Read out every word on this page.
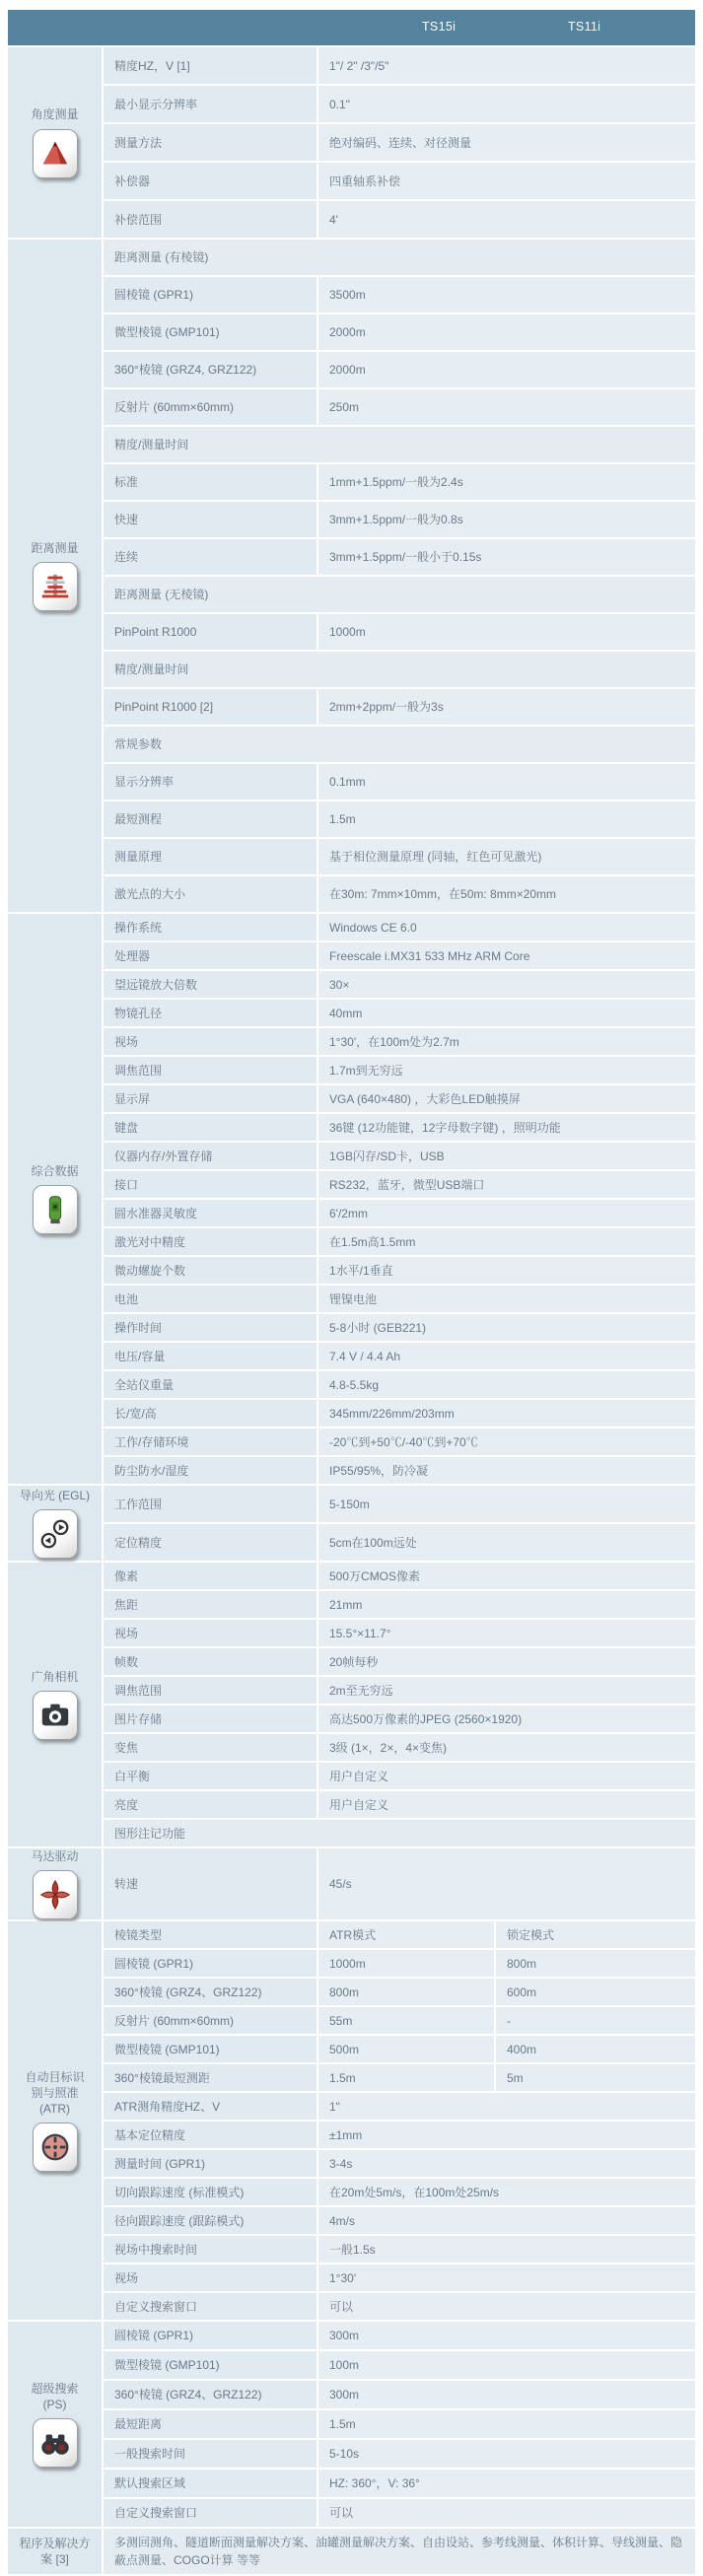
TS15i	TS11i
角度测量
精度HZ，V [1]	1"/ 2" /3"/5"
最小显示分辨率	0.1"
测量方法	绝对编码、连续、对径测量
补偿器	四重轴系补偿
补偿范围	4'
距离测量
距离测量 (有棱镜)
圆棱镜 (GPR1)	3500m
微型棱镜 (GMP101)	2000m
360°棱镜 (GRZ4, GRZ122)	2000m
反射片 (60mm×60mm)	250m
精度/测量时间
标准	1mm+1.5ppm/一般为2.4s
快速	3mm+1.5ppm/一般为0.8s
连续	3mm+1.5ppm/一般小于0.15s
距离测量 (无棱镜)
PinPoint R1000	1000m
精度/测量时间
PinPoint R1000 [2]	2mm+2ppm/一般为3s
常规参数
显示分辨率	0.1mm
最短测程	1.5m
测量原理	基于相位测量原理 (同轴，红色可见激光)
激光点的大小	在30m: 7mm×10mm，在50m: 8mm×20mm
综合数据
操作系统	Windows CE 6.0
处理器	Freescale i.MX31 533 MHz ARM Core
望远镜放大倍数	30×
物镜孔径	40mm
视场	1°30'，在100m处为2.7m
调焦范围	1.7m到无穷远
显示屏	VGA (640×480) ，大彩色LED触摸屏
键盘	36键 (12功能键，12字母数字键) ，照明功能
仪器内存/外置存储	1GB闪存/SD卡，USB
接口	RS232，蓝牙，微型USB端口
圆水准器灵敏度	6'/2mm
激光对中精度	在1.5m高1.5mm
微动螺旋个数	1水平/1垂直
电池	锂镍电池
操作时间	5-8小时 (GEB221)
电压/容量	7.4 V / 4.4 Ah
全站仪重量	4.8-5.5kg
长/宽/高	345mm/226mm/203mm
工作/存储环境	-20℃到+50℃/-40℃到+70℃
防尘防水/湿度	IP55/95%，防冷凝
导向光 (EGL)
工作范围	5-150m
定位精度	5cm在100m远处
广角相机
像素	500万CMOS像素
焦距	21mm
视场	15.5°×11.7°
帧数	20帧每秒
调焦范围	2m至无穷远
图片存储	高达500万像素的JPEG (2560×1920)
变焦	3级 (1×，2×，4×变焦)
白平衡	用户自定义
亮度	用户自定义
图形注记功能
马达驱动
转速	45/s
自动目标识 别与照准 (ATR)
棱镜类型	ATR模式	锁定模式
圆棱镜 (GPR1)	1000m	800m
360°棱镜 (GRZ4、GRZ122)	800m	600m
反射片 (60mm×60mm)	55m	-
微型棱镜 (GMP101)	500m	400m
360°棱镜最短测距	1.5m	5m
ATR测角精度HZ、V	1"
基本定位精度	±1mm
测量时间 (GPR1)	3-4s
切向跟踪速度 (标准模式)	在20m处5m/s，在100m处25m/s
径向跟踪速度 (跟踪模式)	4m/s
视场中搜索时间	一般1.5s
视场	1°30'
自定义搜索窗口	可以
超级搜索 (PS)
圆棱镜 (GPR1)	300m
微型棱镜 (GMP101)	100m
360°棱镜 (GRZ4、GRZ122)	300m
最短距离	1.5m
一般搜索时间	5-10s
默认搜索区域	HZ: 360°，V: 36°
自定义搜索窗口	可以
程序及解决方案 [3]
多测回测角、隧道断面测量解决方案、油罐测量解决方案、自由设站、参考线测量、体积计算、导线测量、隐蔽点测量、COGO计算 等等
